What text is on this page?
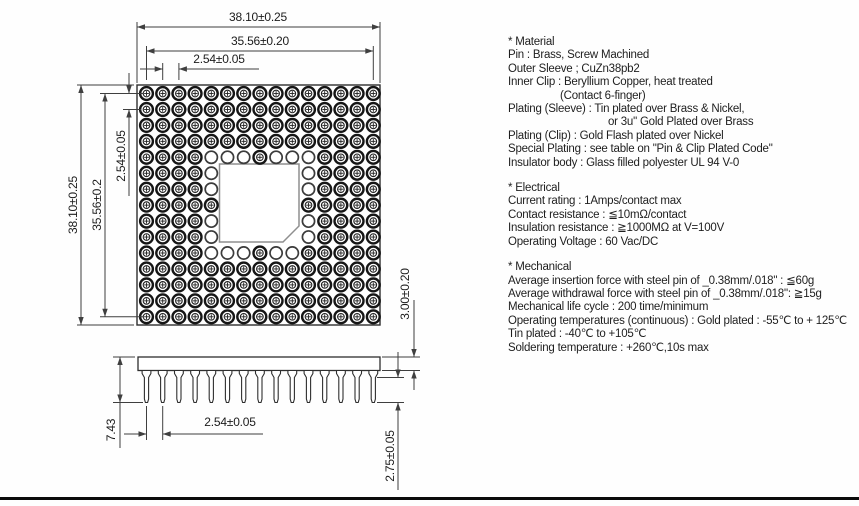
38.10±0.25
35.56±0.20
2.54±0.05
38.10±0.25 35.56±0.2
2.54±0.05
7.43	2.54±0.05
2.75±0.05
3.00±0.20
* Material
Pin : Brass, Screw Machined
Outer Sleeve ; CuZn38pb2
Inner Clip : Beryllium Copper, heat treated
(Contact 6-finger)
Plating (Sleeve) : Tin plated over Brass & Nickel,
or 3u" Gold Plated over Brass
Plating (Clip) : Gold Flash plated over Nickel
Special Plating : see table on "Pin & Clip Plated Code"
Insulator body : Glass filled polyester UL 94 V-0
* Electrical
Current rating : 1Amps/contact max
Contact resistance : ≦10mΩ/contact
Insulation resistance : ≧1000MΩ at V=100V
Operating Voltage : 60 Vac/DC
* Mechanical
Average insertion force with steel pin of _0.38mm/.018" : ≦60g
Average withdrawal force with steel pin of _0.38mm/.018": ≧15g
Mechanical life cycle : 200 time/minimum
Operating temperatures (continuous) : Gold plated : -55℃ to + 125℃
Tin plated : -40℃ to +105℃
Soldering temperature : +260℃,10s max
